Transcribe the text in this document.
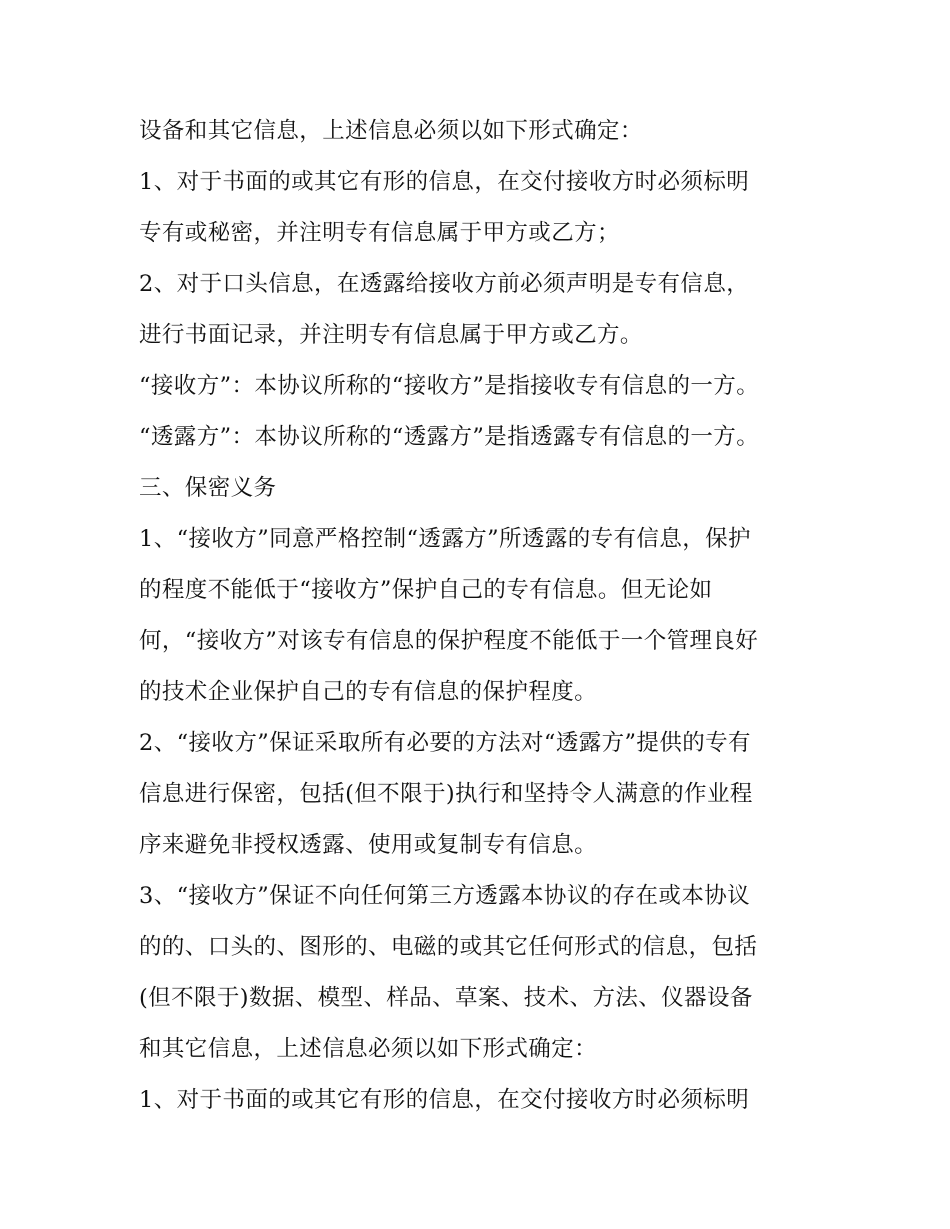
设备和其它信息，上述信息必须以如下形式确定：
1、对于书面的或其它有形的信息，在交付接收方时必须标明
专有或秘密，并注明专有信息属于甲方或乙方；
2、对于口头信息，在透露给接收方前必须声明是专有信息，
进行书面记录，并注明专有信息属于甲方或乙方。
“接收方”：本协议所称的“接收方”是指接收专有信息的一方。
“透露方”：本协议所称的“透露方”是指透露专有信息的一方。
三、保密义务
1、“接收方”同意严格控制“透露方”所透露的专有信息，保护
的程度不能低于“接收方”保护自己的专有信息。但无论如
何，“接收方”对该专有信息的保护程度不能低于一个管理良好
的技术企业保护自己的专有信息的保护程度。
2、“接收方”保证采取所有必要的方法对“透露方”提供的专有
信息进行保密，包括(但不限于)执行和坚持令人满意的作业程
序来避免非授权透露、使用或复制专有信息。
3、“接收方”保证不向任何第三方透露本协议的存在或本协议
的的、口头的、图形的、电磁的或其它任何形式的信息，包括
(但不限于)数据、模型、样品、草案、技术、方法、仪器设备
和其它信息，上述信息必须以如下形式确定：
1、对于书面的或其它有形的信息，在交付接收方时必须标明
